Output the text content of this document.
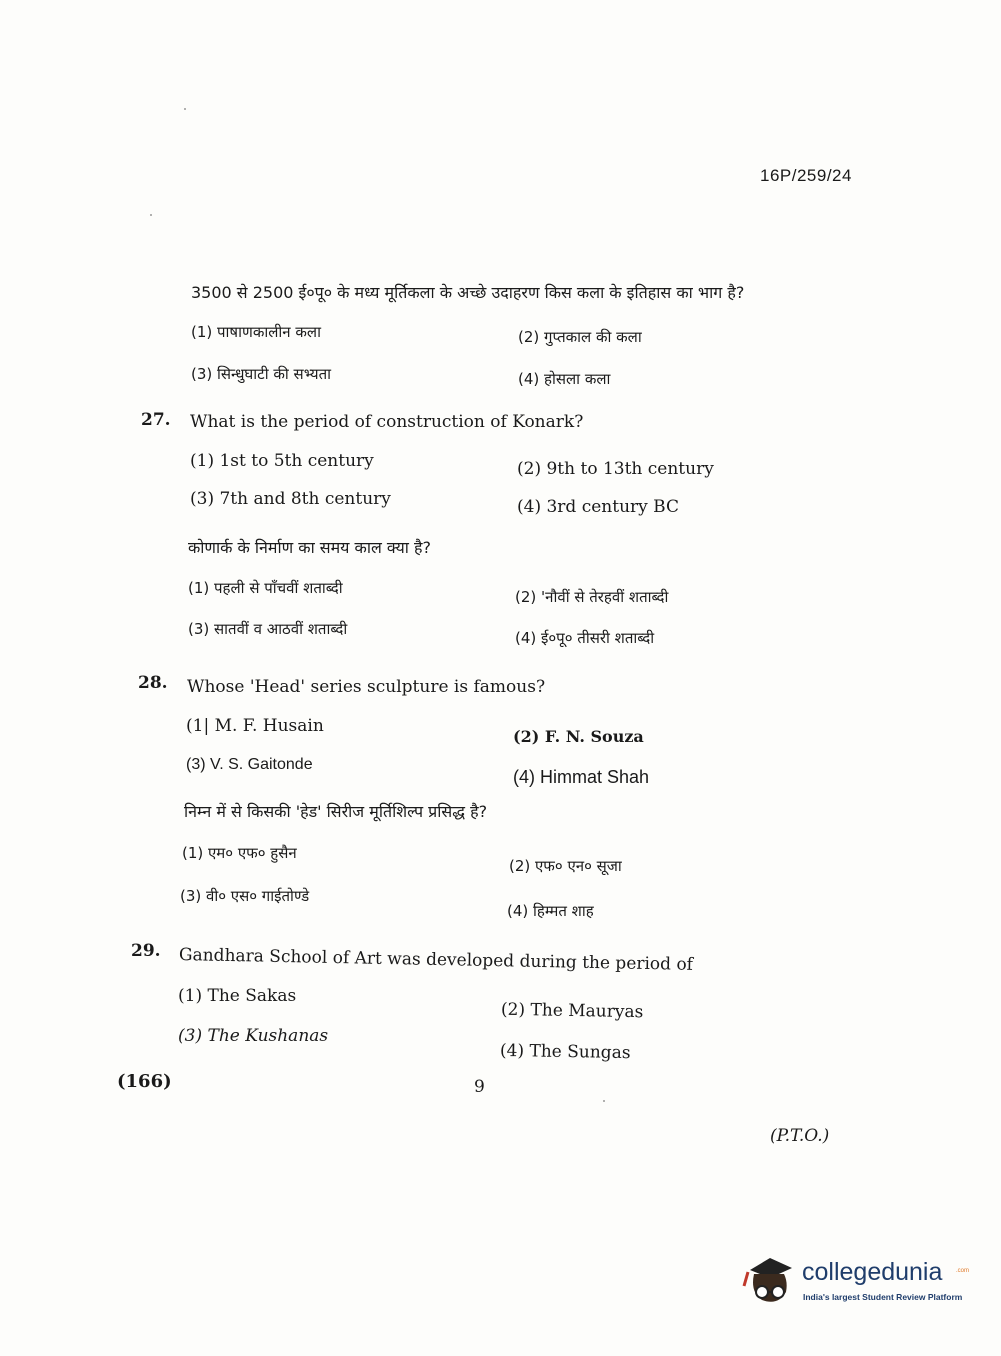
16P/259/24
3500 से 2500 ई०पू० के मध्य मूर्तिकला के अच्छे उदाहरण किस कला के इतिहास का भाग है?
(1) पाषाणकालीन कला	(2) गुप्तकाल की कला
(3) सिन्धुघाटी की सभ्यता	(4) होसला कला
27. What is the period of construction of Konark?
(1) 1st to 5th century	(2) 9th to 13th century
(3) 7th and 8th century	(4) 3rd century BC
कोणार्क के निर्माण का समय काल क्या है?
(1) पहली से पाँचवीं शताब्दी	(2) 'नौवीं से तेरहवीं शताब्दी
(3) सातवीं व आठवीं शताब्दी	(4) ई०पू० तीसरी शताब्दी
28. Whose 'Head' series sculpture is famous?
(1| M. F. Husain
(2) F. N. Souza
(3) V. S. Gaitonde
(4) Himmat Shah
निम्न में से किसकी 'हेड' सिरीज मूर्तिशिल्प प्रसिद्ध है?
(1) एम० एफ० हुसैन
(2) एफ० एन० सूजा
(3) वी० एस० गाईतोण्डे
(4) हिम्मत शाह
29. Gandhara School of Art was developed during the period of
(1) The Sakas
(2) The Mauryas
(3) The Kushanas
(4) The Sungas
(166)	9
(P.T.O.)
collegedunia .com
India's largest Student Review Platform
